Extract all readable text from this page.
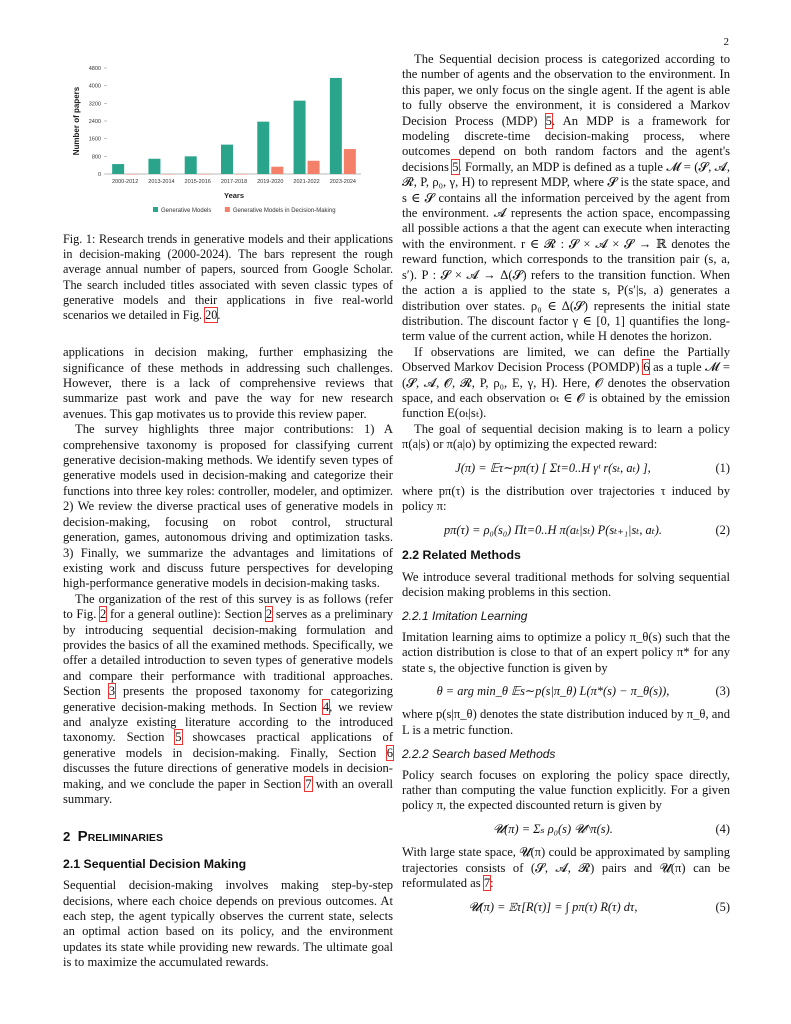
2
0
800
1600
2400
3200
4000
4800
Number of papers
2000-2012 2013-2014 2015-2016 2017-2018 2019-2020 2021-2022 2023-2024
Years
Generative Models	Generative Models in Decision-Making

Fig. 1: Research trends in generative models and their applications in decision-making (2000-2024). The bars represent the rough average annual number of papers, sourced from Google Scholar. The search included titles associated with seven classic types of generative models and their applications in five real-world scenarios we detailed in Fig. 20.

applications in decision making, further emphasizing the significance of these methods in addressing such challenges. However, there is a lack of comprehensive reviews that summarize past work and pave the way for new research avenues. This gap motivates us to provide this review paper.

The survey highlights three major contributions: 1) A comprehensive taxonomy is proposed for classifying current generative decision-making methods. We identify seven types of generative models used in decision-making and categorize their functions into three key roles: controller, modeler, and optimizer. 2) We review the diverse practical uses of generative models in decision-making, focusing on robot control, structural generation, games, autonomous driving and optimization tasks. 3) Finally, we summarize the advantages and limitations of existing work and discuss future perspectives for developing high-performance generative models in decision-making tasks.

The organization of the rest of this survey is as follows (refer to Fig. 2 for a general outline): Section 2 serves as a preliminary by introducing sequential decision-making formulation and provides the basics of all the examined methods. Specifically, we offer a detailed introduction to seven types of generative models and compare their performance with traditional approaches. Section 3 presents the proposed taxonomy for categorizing generative decision-making methods. In Section 4, we review and analyze existing literature according to the introduced taxonomy. Section 5 showcases practical applications of generative models in decision-making. Finally, Section 6 discusses the future directions of generative models in decision-making, and we conclude the paper in Section 7 with an overall summary.

2 PRELIMINARIES
2.1 Sequential Decision Making

Sequential decision-making involves making step-by-step decisions, where each choice depends on previous outcomes. At each step, the agent typically observes the current state, selects an optimal action based on its policy, and the environment updates its state while providing new rewards. The ultimate goal is to maximize the accumulated rewards.

The Sequential decision process is categorized according to the number of agents and the observation to the environment. In this paper, we only focus on the single agent. If the agent is able to fully observe the environment, it is considered a Markov Decision Process (MDP) 5. An MDP is a framework for modeling discrete-time decision-making process, where outcomes depend on both random factors and the agent's decisions 5. Formally, an MDP is defined as a tuple 𝓜 = (𝓢, 𝓐, 𝓡, P, ρ₀, γ, H) to represent MDP, where 𝓢 is the state space, and s ∈ 𝓢 contains all the information perceived by the agent from the environment. 𝓐 represents the action space, encompassing all possible actions a that the agent can execute when interacting with the environment. r ∈ 𝓡 : 𝓢 × 𝓐 × 𝓢 → ℝ denotes the reward function, which corresponds to the transition pair (s, a, s′). P : 𝓢 × 𝓐 → Δ(𝓢) refers to the transition function. When the action a is applied to the state s, P(s′|s, a) generates a distribution over states. ρ₀ ∈ Δ(𝓢) represents the initial state distribution. The discount factor γ ∈ [0, 1] quantifies the long-term value of the current action, while H denotes the horizon.

If observations are limited, we can define the Partially Observed Markov Decision Process (POMDP) 6 as a tuple 𝓜 = (𝓢, 𝓐, 𝓞, 𝓡, P, ρ₀, E, γ, H). Here, 𝓞 denotes the observation space, and each observation oₜ ∈ 𝓞 is obtained by the emission function E(oₜ|sₜ).

The goal of sequential decision making is to learn a policy π(a|s) or π(a|o) by optimizing the expected reward:

J(π) = 𝔼τ∼pπ(τ) [ Σt=0..H γᵗ r(sₜ, aₜ) ],	(1)

where pπ(τ) is the distribution over trajectories τ induced by policy π:

pπ(τ) = ρ₀(s₀) Πt=0..H π(aₜ|sₜ) P(sₜ₊₁|sₜ, aₜ).	(2)
2.2 Related Methods

We introduce several traditional methods for solving sequential decision making problems in this section.

2.2.1 Imitation Learning

Imitation learning aims to optimize a policy π_θ(s) such that the action distribution is close to that of an expert policy π* for any state s, the objective function is given by

θ = arg min_θ 𝔼s∼p(s|π_θ) L(π*(s) − π_θ(s)),	(3)

where p(s|π_θ) denotes the state distribution induced by π_θ, and L is a metric function.

2.2.2 Search based Methods

Policy search focuses on exploring the policy space directly, rather than computing the value function explicitly. For a given policy π, the expected discounted return is given by

𝓤(π) = Σₛ ρ₀(s) 𝓤^π(s).	(4)

With large state space, 𝓤(π) could be approximated by sampling trajectories consists of (𝓢, 𝓐, 𝓡) pairs and 𝓤(π) can be reformulated as 7:

𝓤(π) = 𝔼τ[R(τ)] = ∫ pπ(τ) R(τ) dτ,	(5)
